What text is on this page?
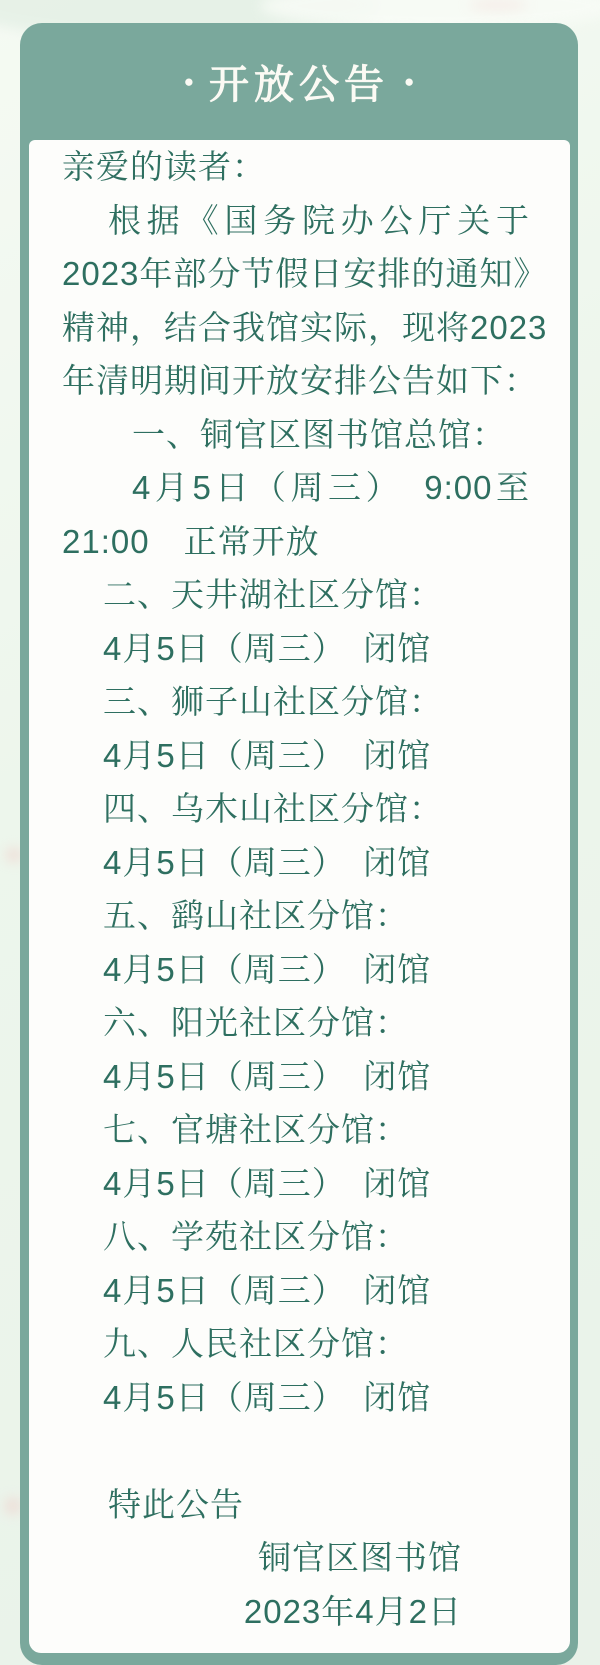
● 开放公告 ●
亲爱的读者：
根据《国务院办公厅关于
2023年部分节假日安排的通知》
精神，结合我馆实际，现将2023
年清明期间开放安排公告如下：
一、铜官区图书馆总馆：
4月5日（周三）　9:00至
21:00　正常开放
二、天井湖社区分馆：
4月5日（周三）　闭馆
三、狮子山社区分馆：
4月5日（周三）　闭馆
四、乌木山社区分馆：
4月5日（周三）　闭馆
五、鹞山社区分馆：
4月5日（周三）　闭馆
六、阳光社区分馆：
4月5日（周三）　闭馆
七、官塘社区分馆：
4月5日（周三）　闭馆
八、学苑社区分馆：
4月5日（周三）　闭馆
九、人民社区分馆：
4月5日（周三）　闭馆
特此公告
铜官区图书馆
2023年4月2日
